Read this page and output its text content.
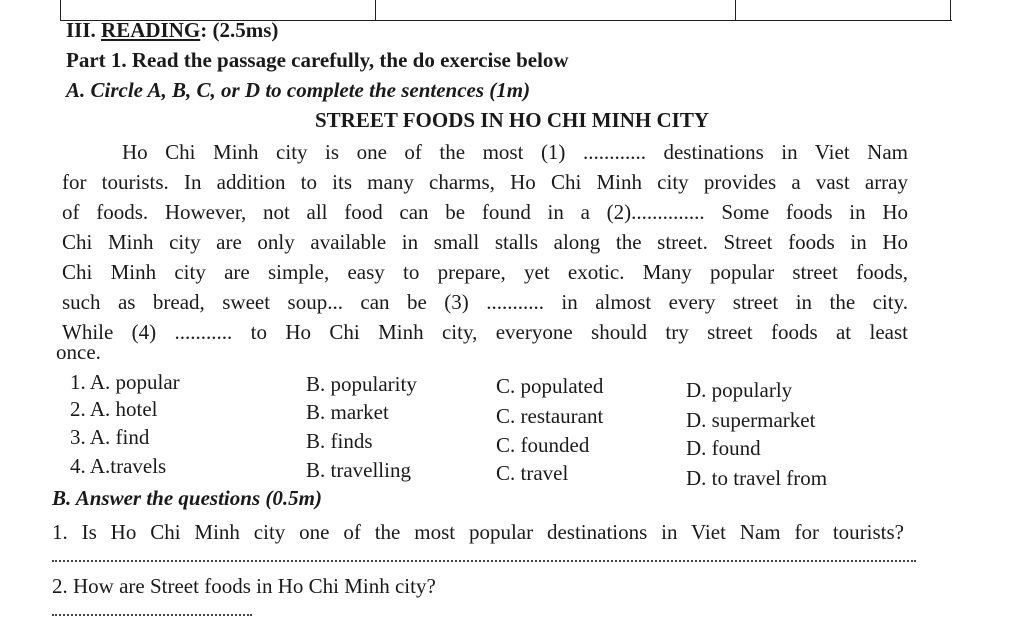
III. READING: (2.5ms)
Part 1. Read the passage carefully, the do exercise below
A. Circle A, B, C, or D to complete the sentences (1m)
STREET FOODS IN HO CHI MINH CITY
Ho Chi Minh city is one of the most (1) ............ destinations in Viet Nam
for tourists. In addition to its many charms, Ho Chi Minh city provides a vast array
of foods. However, not all food can be found in a (2).............. Some foods in Ho
Chi Minh city are only available in small stalls along the street. Street foods in Ho
Chi Minh city are simple, easy to prepare, yet exotic. Many popular street foods,
such as bread, sweet soup... can be (3) ........... in almost every street in the city.
While (4) ........... to Ho Chi Minh city, everyone should try street foods at least
once.
1. A. popular	B. popularity	C. populated	D. popularly
2. A. hotel	B. market	C. restaurant	D. supermarket
3. A. find	B. finds	C. founded	D. found
4. A.travels	B. travelling	C. travel	D. to travel from
B. Answer the questions (0.5m)
1. Is Ho Chi Minh city one of the most popular destinations in Viet Nam for tourists?
2. How are Street foods in Ho Chi Minh city?
